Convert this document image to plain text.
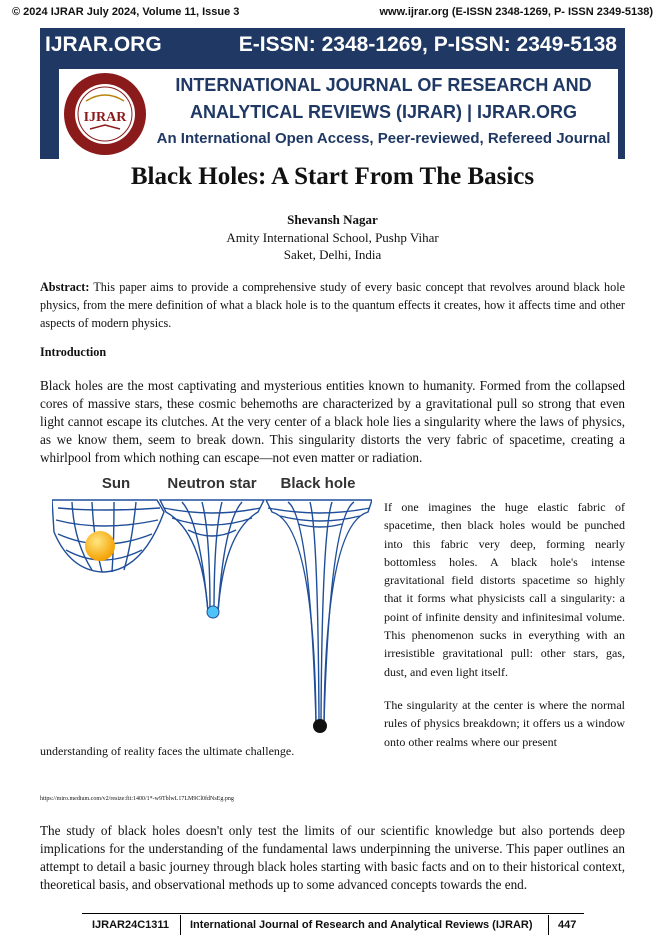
© 2024 IJRAR July 2024, Volume 11, Issue 3	www.ijrar.org (E-ISSN 2348-1269, P- ISSN 2349-5138)
IJRAR.ORG	E-ISSN: 2348-1269, P-ISSN: 2349-5138
IJRAR
INTERNATIONAL JOURNAL OF RESEARCH AND
ANALYTICAL REVIEWS (IJRAR) | IJRAR.ORG
An International Open Access, Peer-reviewed, Refereed Journal
Black Holes: A Start From The Basics
Shevansh Nagar
Amity International School, Pushp Vihar
Saket, Delhi, India
Abstract: This paper aims to provide a comprehensive study of every basic concept that revolves around black hole physics, from the mere definition of what a black hole is to the quantum effects it creates, how it affects time and other aspects of modern physics.
Introduction
Black holes are the most captivating and mysterious entities known to humanity. Formed from the collapsed cores of massive stars, these cosmic behemoths are characterized by a gravitational pull so strong that even light cannot escape its clutches. At the very center of a black hole lies a singularity where the laws of physics, as we know them, seem to break down. This singularity distorts the very fabric of spacetime, creating a whirlpool from which nothing can escape—not even matter or radiation.
Sun Neutron star Black hole
If one imagines the huge elastic fabric of spacetime, then black holes would be punched into this fabric very deep, forming nearly bottomless holes. A black hole's intense gravitational field distorts spacetime so highly that it forms what physicists call a singularity: a point of infinite density and infinitesimal volume. This phenomenon sucks in everything with an irresistible gravitational pull: other stars, gas, dust, and even light itself.
The singularity at the center is where the normal rules of physics breakdown; it offers us a window onto other realms where our present
understanding of reality faces the ultimate challenge.
https://miro.medium.com/v2/resize:fit:1400/1*-w9TblwL17LM9Cl0fdNsEg.png
The study of black holes doesn't only test the limits of our scientific knowledge but also portends deep implications for the understanding of the fundamental laws underpinning the universe. This paper outlines an attempt to detail a basic journey through black holes starting with basic facts and on to their historical context, theoretical basis, and observational methods up to some advanced concepts towards the end.
IJRAR24C1311 International Journal of Research and Analytical Reviews (IJRAR) 447
